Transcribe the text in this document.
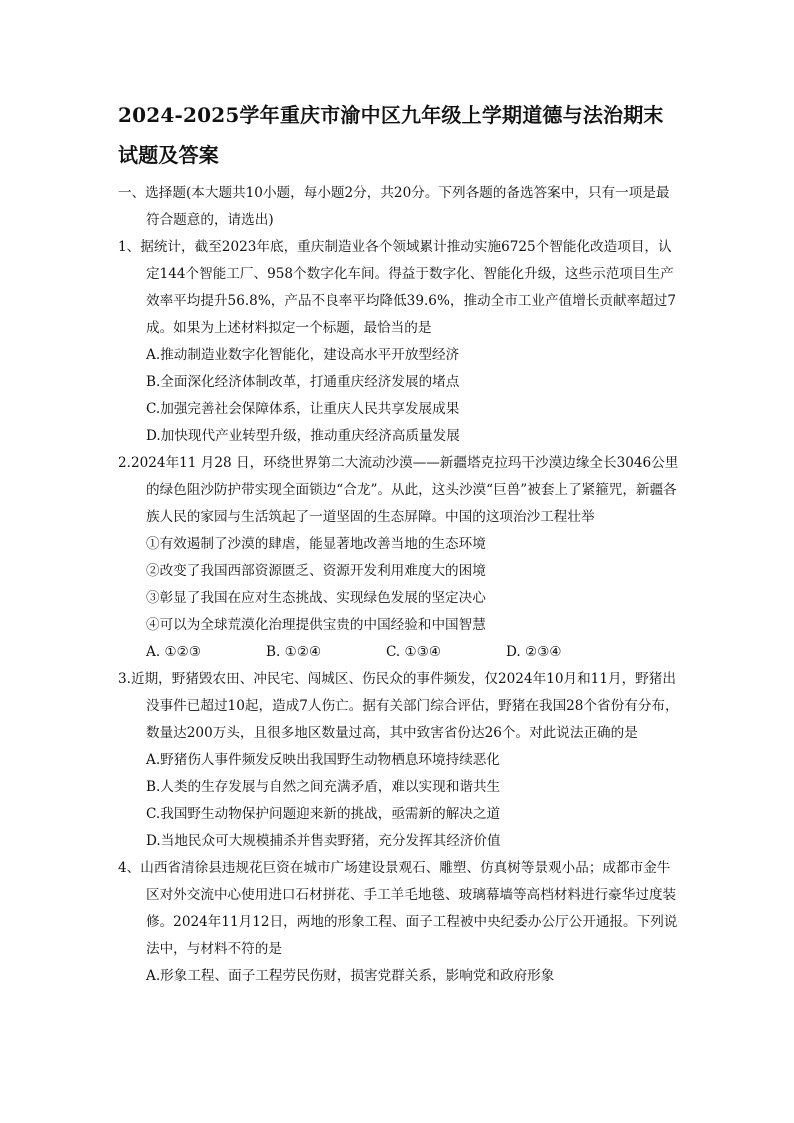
2024-2025学年重庆市渝中区九年级上学期道德与法治期末
试题及答案

一、选择题(本大题共10小题，每小题2分，共20分。下列各题的备选答案中，只有一项是最符合题意的，请选出)

1、据统计，截至2023年底，重庆制造业各个领域累计推动实施6725个智能化改造项目，认定144个智能工厂、958个数字化车间。得益于数字化、智能化升级，这些示范项目生产效率平均提升56.8%，产品不良率平均降低39.6%，推动全市工业产值增长贡献率超过7成。如果为上述材料拟定一个标题，最恰当的是

A.推动制造业数字化智能化，建设高水平开放型经济

B.全面深化经济体制改革，打通重庆经济发展的堵点

C.加强完善社会保障体系，让重庆人民共享发展成果

D.加快现代产业转型升级，推动重庆经济高质量发展

2.2024年11 月28 日，环绕世界第二大流动沙漠——新疆塔克拉玛干沙漠边缘全长3046公里的绿色阻沙防护带实现全面锁边“合龙”。从此，这头沙漠“巨兽”被套上了紧箍咒，新疆各族人民的家园与生活筑起了一道坚固的生态屏障。中国的这项治沙工程壮举

①有效遏制了沙漠的肆虐，能显著地改善当地的生态环境

②改变了我国西部资源匮乏、资源开发利用难度大的困境

③彰显了我国在应对生态挑战、实现绿色发展的坚定决心

④可以为全球荒漠化治理提供宝贵的中国经验和中国智慧

A. ①②③	B. ①②④	C. ①③④	D. ②③④

3.近期，野猪毁农田、冲民宅、闯城区、伤民众的事件频发，仅2024年10月和11月，野猪出没事件已超过10起，造成7人伤亡。据有关部门综合评估，野猪在我国28个省份有分布，数量达200万头，且很多地区数量过高，其中致害省份达26个。对此说法正确的是

A.野猪伤人事件频发反映出我国野生动物栖息环境持续恶化

B.人类的生存发展与自然之间充满矛盾，难以实现和谐共生

C.我国野生动物保护问题迎来新的挑战，亟需新的解决之道

D.当地民众可大规模捕杀并售卖野猪，充分发挥其经济价值

4、山西省清徐县违规花巨资在城市广场建设景观石、雕塑、仿真树等景观小品；成都市金牛区对外交流中心使用进口石材拼花、手工羊毛地毯、玻璃幕墙等高档材料进行豪华过度装修。2024年11月12日，两地的形象工程、面子工程被中央纪委办公厅公开通报。下列说法中，与材料不符的是

A.形象工程、面子工程劳民伤财，损害党群关系，影响党和政府形象
